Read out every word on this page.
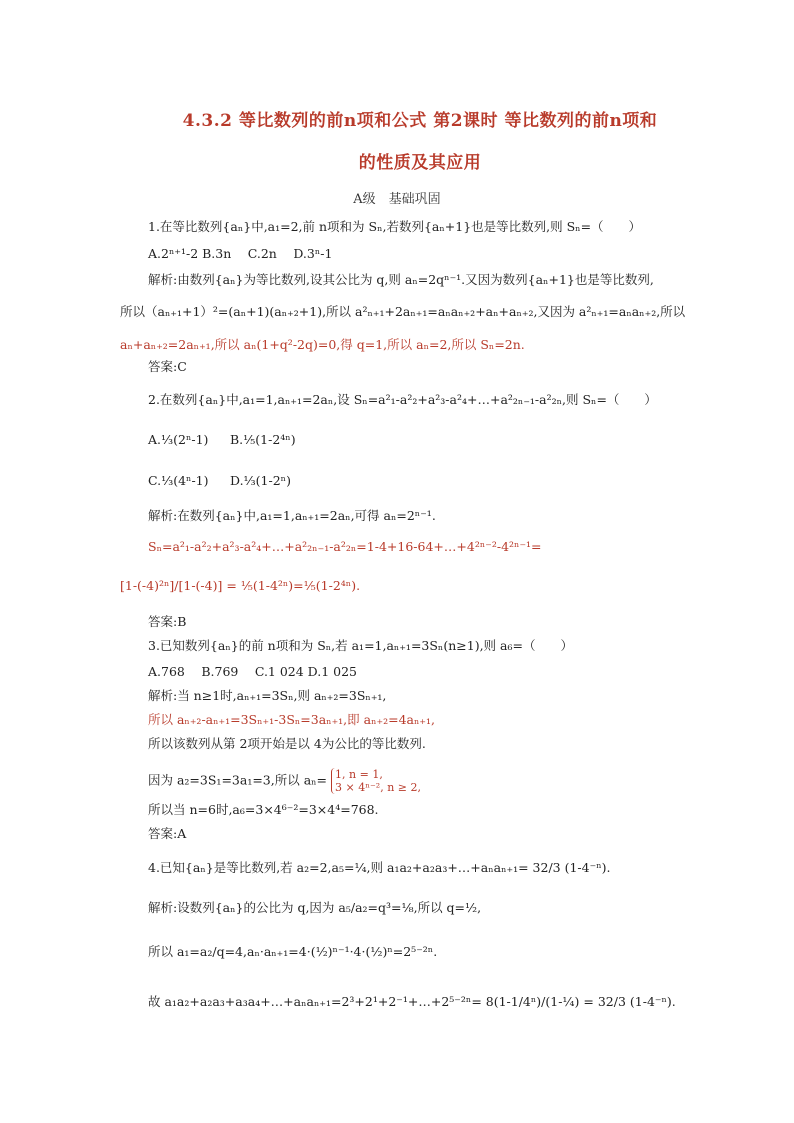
4.3.2 等比数列的前n项和公式 第2课时 等比数列的前n项和
的性质及其应用
A级　基础巩固
1.在等比数列{aₙ}中,a₁=2,前 n项和为 Sₙ,若数列{aₙ+1}也是等比数列,则 Sₙ=（　　）
A.2ⁿ⁺¹-2 B.3n　 C.2n　 D.3ⁿ-1
解析:由数列{aₙ}为等比数列,设其公比为 q,则 aₙ=2qⁿ⁻¹.又因为数列{aₙ+1}也是等比数列,
所以（aₙ₊₁+1）²=(aₙ+1)(aₙ₊₂+1),所以 a²ₙ₊₁+2aₙ₊₁=aₙaₙ₊₂+aₙ+aₙ₊₂,又因为 a²ₙ₊₁=aₙaₙ₊₂,所以
aₙ+aₙ₊₂=2aₙ₊₁,所以 aₙ(1+q²-2q)=0,得 q=1,所以 aₙ=2,所以 Sₙ=2n.
答案:C
2.在数列{aₙ}中,a₁=1,aₙ₊₁=2aₙ,设 Sₙ=a²₁-a²₂+a²₃-a²₄+…+a²₂ₙ₋₁-a²₂ₙ,则 Sₙ=（　　）
A.⅓(2ⁿ-1) B.⅕(1-2⁴ⁿ)
C.⅓(4ⁿ-1) D.⅓(1-2ⁿ)
解析:在数列{aₙ}中,a₁=1,aₙ₊₁=2aₙ,可得 aₙ=2ⁿ⁻¹.
Sₙ=a²₁-a²₂+a²₃-a²₄+…+a²₂ₙ₋₁-a²₂ₙ=1-4+16-64+…+4²ⁿ⁻²-4²ⁿ⁻¹=
[1-(-4)²ⁿ]/[1-(-4)] = ⅕(1-4²ⁿ)=⅕(1-2⁴ⁿ).
答案:B
3.已知数列{aₙ}的前 n项和为 Sₙ,若 a₁=1,aₙ₊₁=3Sₙ(n≥1),则 a₆=（　　）
A.768　 B.769　 C.1 024 D.1 025
解析:当 n≥1时,aₙ₊₁=3Sₙ,则 aₙ₊₂=3Sₙ₊₁,
所以 aₙ₊₂-aₙ₊₁=3Sₙ₊₁-3Sₙ=3aₙ₊₁,即 aₙ₊₂=4aₙ₊₁,
所以该数列从第 2项开始是以 4为公比的等比数列.
因为 a₂=3S₁=3a₁=3,所以 aₙ= 1, n = 1,
3 × 4ⁿ⁻², n ≥ 2,
所以当 n=6时,a₆=3×4⁶⁻²=3×4⁴=768.
答案:A
4.已知{aₙ}是等比数列,若 a₂=2,a₅=¼,则 a₁a₂+a₂a₃+…+aₙaₙ₊₁= 32/3 (1-4⁻ⁿ).
解析:设数列{aₙ}的公比为 q,因为 a₅/a₂=q³=⅛,所以 q=½,
所以 a₁=a₂/q=4,aₙ·aₙ₊₁=4·(½)ⁿ⁻¹·4·(½)ⁿ=2⁵⁻²ⁿ.
故 a₁a₂+a₂a₃+a₃a₄+…+aₙaₙ₊₁=2³+2¹+2⁻¹+…+2⁵⁻²ⁿ= 8(1-1/4ⁿ)/(1-¼) = 32/3 (1-4⁻ⁿ).
